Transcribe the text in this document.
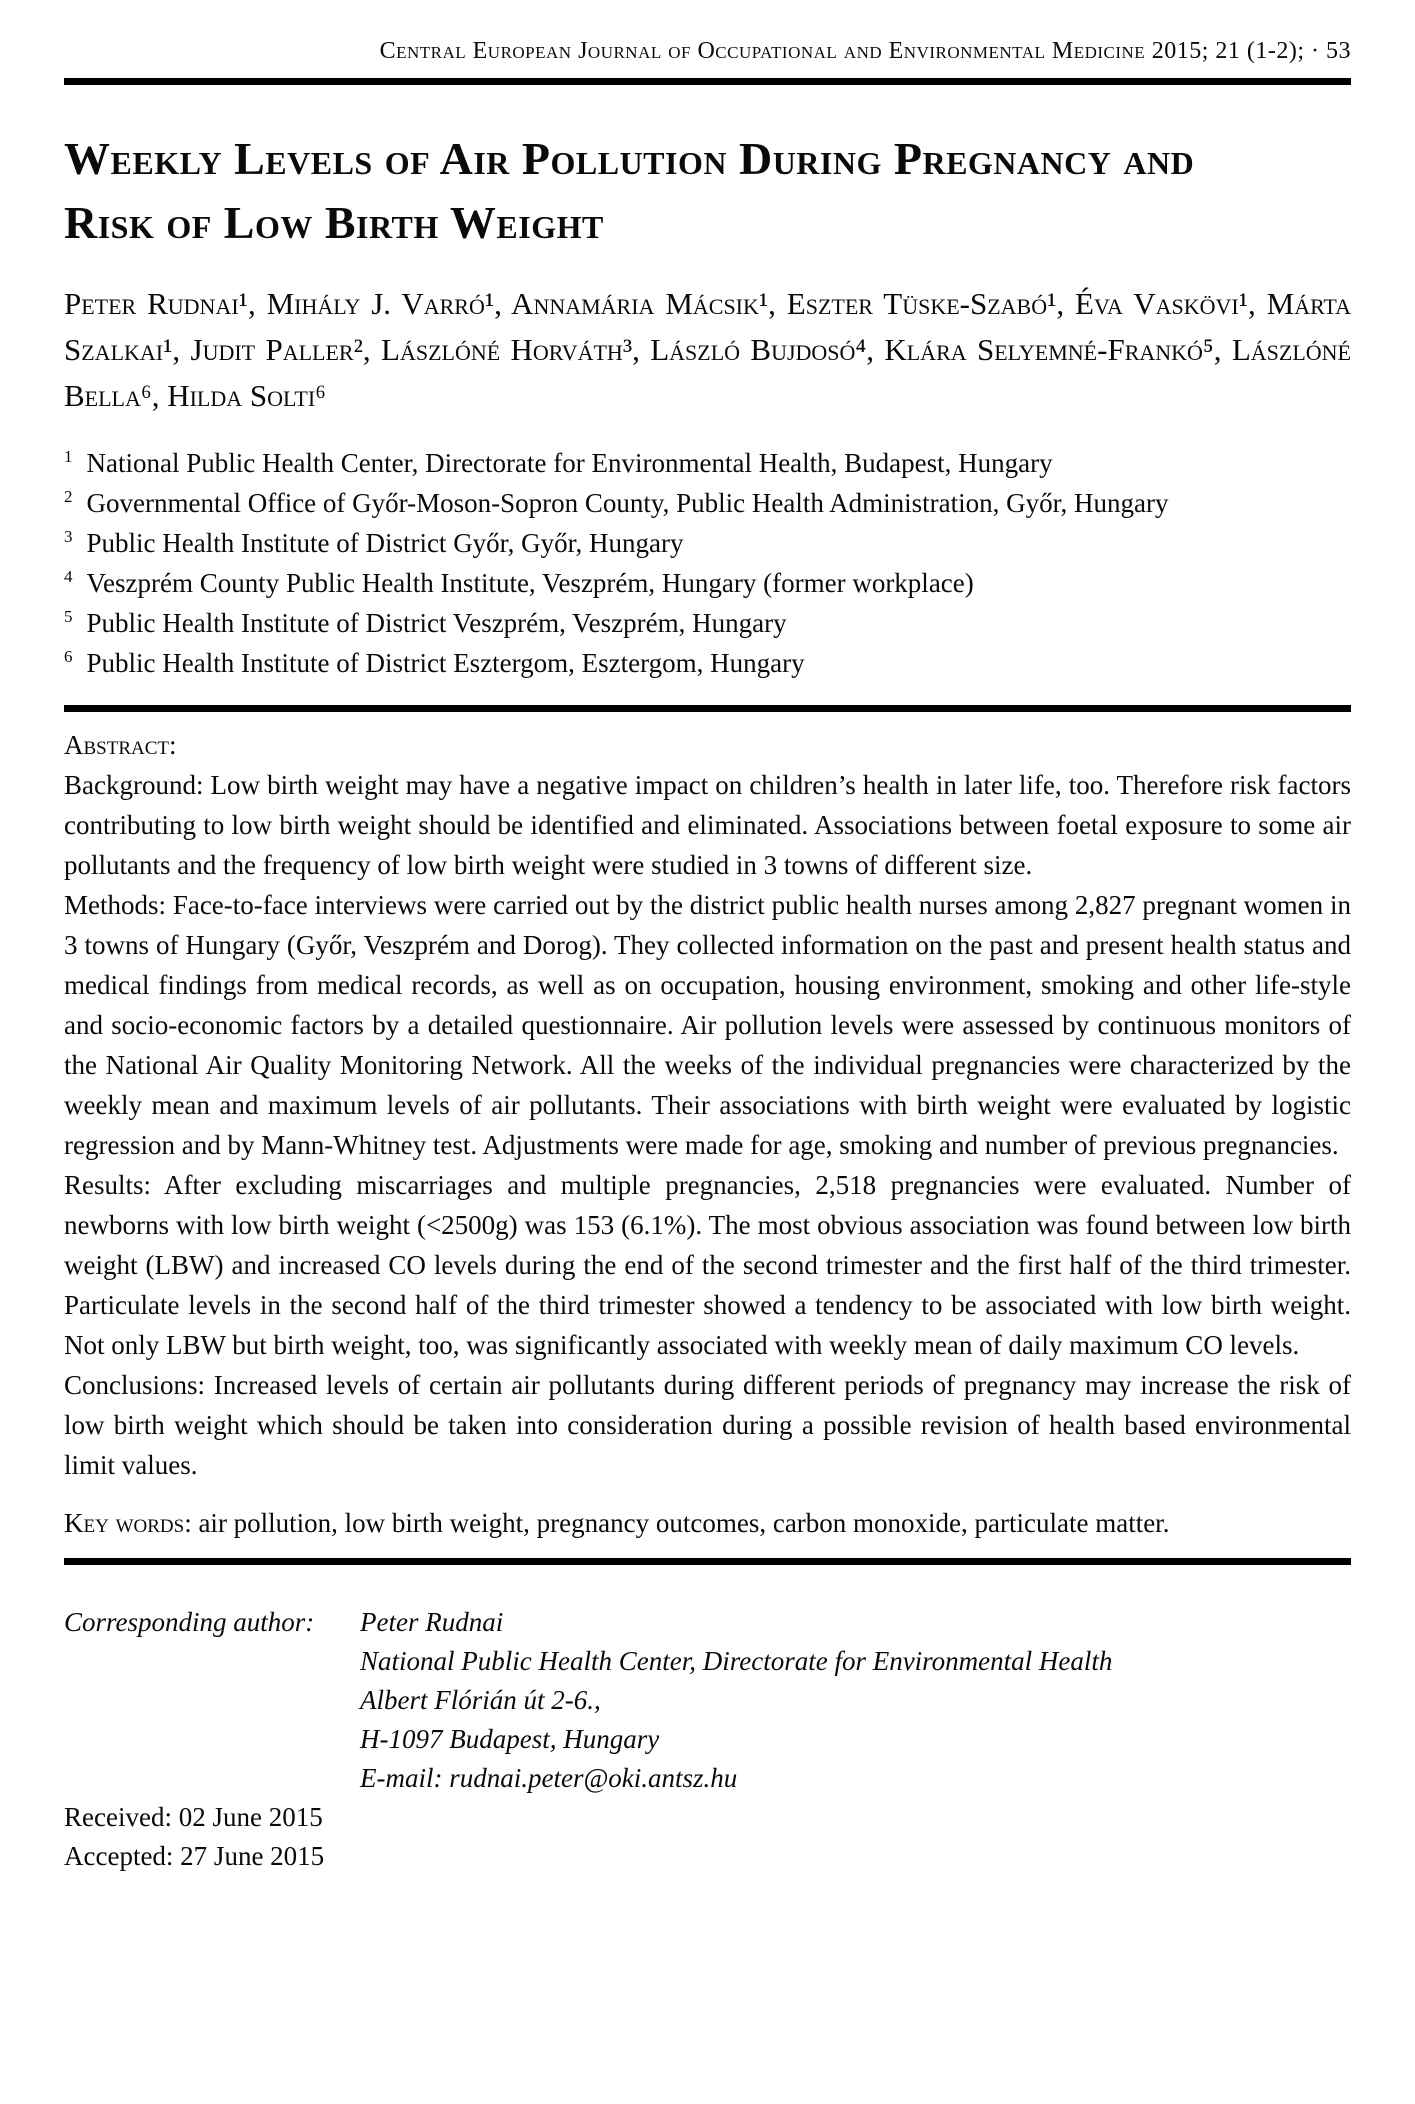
Central European Journal of Occupational and Environmental Medicine 2015; 21 (1-2); · 53
Weekly Levels of Air Pollution During Pregnancy and
Risk of Low Birth Weight

Peter Rudnai¹, Mihály J. Varró¹, Annamária Mácsik¹, Eszter Tüske-Szabó¹, Éva Vaskövi¹, Márta Szalkai¹, Judit Paller², Lászlóné Horváth³, László Bujdosó⁴, Klára Selyemné-Frankó⁵, Lászlóné Bella⁶, Hilda Solti⁶

$^1$ National Public Health Center, Directorate for Environmental Health, Budapest, Hungary
$^2$ Governmental Office of Győr-Moson-Sopron County, Public Health Administration, Győr, Hungary
$^3$ Public Health Institute of District Győr, Győr, Hungary
$^4$ Veszprém County Public Health Institute, Veszprém, Hungary (former workplace)
$^5$ Public Health Institute of District Veszprém, Veszprém, Hungary
$^6$ Public Health Institute of District Esztergom, Esztergom, Hungary
Abstract:

Background: Low birth weight may have a negative impact on children’s health in later life, too. Therefore risk factors contributing to low birth weight should be identified and eliminated. Associations between foetal exposure to some air pollutants and the frequency of low birth weight were studied in 3 towns of different size.

Methods: Face-to-face interviews were carried out by the district public health nurses among 2,827 pregnant women in 3 towns of Hungary (Győr, Veszprém and Dorog). They collected information on the past and present health status and medical findings from medical records, as well as on occupation, housing environment, smoking and other life-style and socio-economic factors by a detailed questionnaire. Air pollution levels were assessed by continuous monitors of the National Air Quality Monitoring Network. All the weeks of the individual pregnancies were characterized by the weekly mean and maximum levels of air pollutants. Their associations with birth weight were evaluated by logistic regression and by Mann-Whitney test. Adjustments were made for age, smoking and number of previous pregnancies.

Results: After excluding miscarriages and multiple pregnancies, 2,518 pregnancies were evaluated. Number of newborns with low birth weight (<2500g) was 153 (6.1%). The most obvious association was found between low birth weight (LBW) and increased CO levels during the end of the second trimester and the first half of the third trimester. Particulate levels in the second half of the third trimester showed a tendency to be associated with low birth weight. Not only LBW but birth weight, too, was significantly associated with weekly mean of daily maximum CO levels.

Conclusions: Increased levels of certain air pollutants during different periods of pregnancy may increase the risk of low birth weight which should be taken into consideration during a possible revision of health based environmental limit values.

Key words: air pollution, low birth weight, pregnancy outcomes, carbon monoxide, particulate matter.

Corresponding author:	Peter Rudnai
National Public Health Center, Directorate for Environmental Health
Albert Flórián út 2-6.,
H-1097 Budapest, Hungary
E-mail: rudnai.peter@oki.antsz.hu
Received: 02 June 2015
Accepted: 27 June 2015
